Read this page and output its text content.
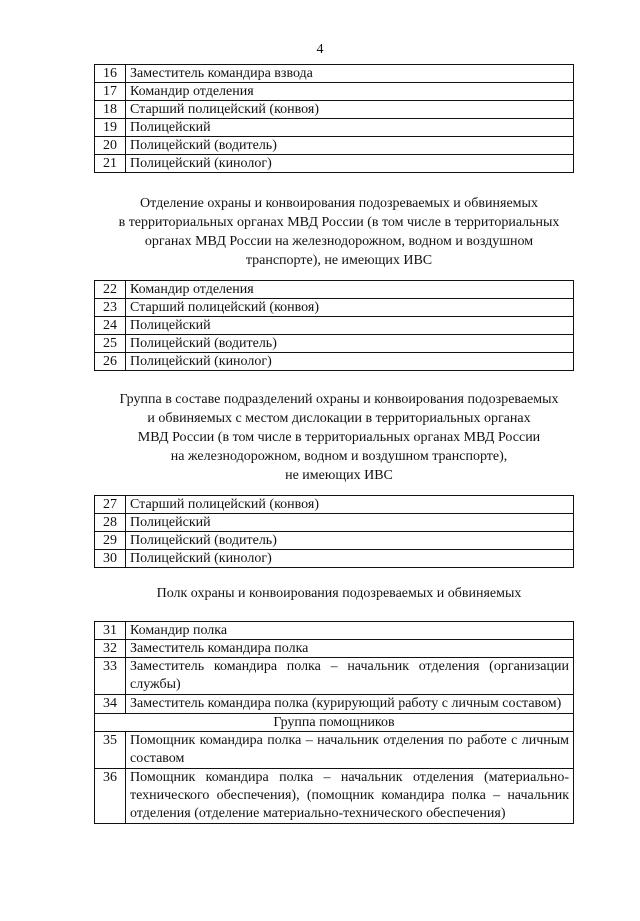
4
16	Заместитель командира взвода
17	Командир отделения
18	Старший полицейский (конвоя)
19	Полицейский
20	Полицейский (водитель)
21	Полицейский (кинолог)
Отделение охраны и конвоирования подозреваемых и обвиняемых
в территориальных органах МВД России (в том числе в территориальных
органах МВД России на железнодорожном, водном и воздушном
транспорте), не имеющих ИВС
22	Командир отделения
23	Старший полицейский (конвоя)
24	Полицейский
25	Полицейский (водитель)
26	Полицейский (кинолог)
Группа в составе подразделений охраны и конвоирования подозреваемых
и обвиняемых с местом дислокации в территориальных органах
МВД России (в том числе в территориальных органах МВД России
на железнодорожном, водном и воздушном транспорте),
не имеющих ИВС
27	Старший полицейский (конвоя)
28	Полицейский
29	Полицейский (водитель)
30	Полицейский (кинолог)
Полк охраны и конвоирования подозреваемых и обвиняемых
31	Командир полка
32	Заместитель командира полка
33	Заместитель командира полка – начальник отделения (организации службы)
34	Заместитель командира полка (курирующий работу с личным составом)
Группа помощников	
35	Помощник командира полка – начальник отделения по работе с личным составом
36	Помощник командира полка – начальник отделения (материально-технического обеспечения), (помощник командира полка – начальник отделения (отделение материально-технического обеспечения)
